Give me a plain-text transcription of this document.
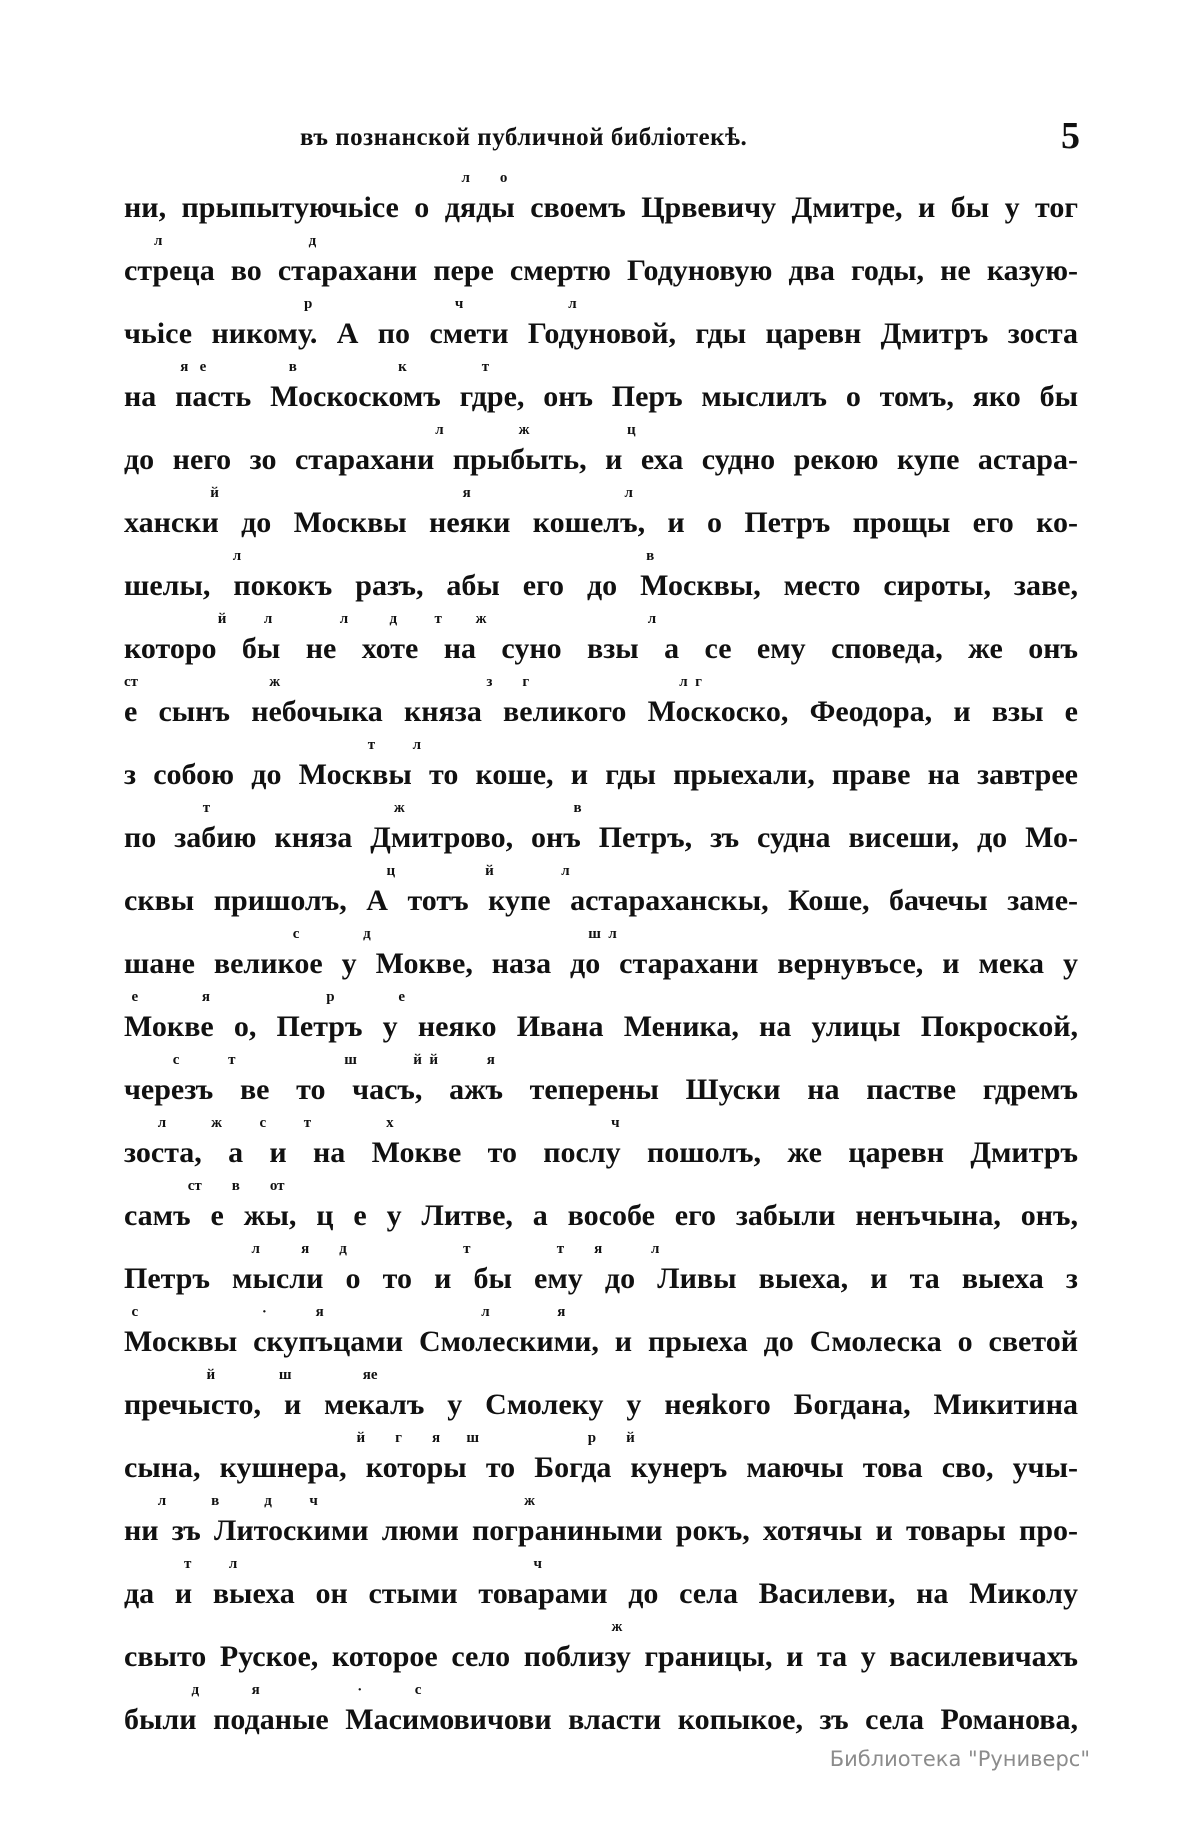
въ познанской публичной библіотекѣ.	5
л        о
ни, прыпытуючьісе о дяды своемъ Црвевичу Дмитре, и бы у тог
л                                       д
стреца во старахани пере смертю Годуновую два годы, не казую-
р                                      ч                            л
чьісе никому. А по смети Годуновой, гды царевн Дмитръ зоста
я   е                      в                           к                    т
на пасть Москоскомъ гдре, онъ Перъ мыслилъ о томъ, яко бы
л                    ж                          ц
до него зо старахани прыбыть, и еха судно рекою купе астара-
й                                                                 я                                         л
хански до Москвы неяки кошелъ, и о Петръ прощы его ко-
л                                                                                                            в
шелы, пококъ разъ, абы его до Москвы, место сироты, заве,
й          л                  л           д          т         ж                                           л
которо бы не хоте на суно взы а се ему споведа, же онъ
ст                                   ж                                                       з        г                                        л  г
е сынъ небочыка княза великого Москоско, Феодора, и взы е
т          л
з собою до Москвы то коше, и гды прыехали, праве на завтрее
т                                                 ж                                             в
по забию княза Дмитрово, онъ Петръ, зъ судна висеши, до Мо-
ц                        й                  л
сквы пришолъ, А тотъ купе астараханскы, Коше, бачечы заме-
с                 д                                                          ш  л
шане великое у Мокве, наза до старахани вернувъсе, и мека у
е                 я                               р                 е
Мокве о, Петръ у неяко Ивана Меника, на улицы Покроской,
с             т                             ш               й  й             я
черезъ ве то часъ, ажъ теперены Шуски на паствe гдремъ
л            ж          с          т                    х                                                          ч
зоста, а и на Мокве то послу пошолъ, же царевн Дмитръ
ст        в        от
самъ е жы, ц е у Литве, а вособе его забыли ненъчына, онъ,
л           я        д                               т                       т        я             л
Петръ мысли о то и бы ему до Ливы выеха, и та выеха з
с                                 ·             я                                          л                  я
Москвы скупъцами Смолескими, и прыеха до Смолеска о светой
й                 ш                   яе
пречысто, и мекалъ у Смолеку у неяkого Богдана, Микитина
й        г        я       ш                             р        й
сына, кушнера, которы то Богда кунеръ маючы това сво, учы-
л            в            д          ч                                                       ж
ни зъ Литоскими люми пограниными рокъ, хотячы и товары про-
т          л                                                                               ч
да и выеха он стыми товарами до села Василеви, на Миколу
ж
свыто Руское, которое село поблизу границы, и та у василевичахъ
д              я                          ·              с
были поданые Масимовичови власти копыкое, зъ села Романова,
Библиотека "Руниверс"
